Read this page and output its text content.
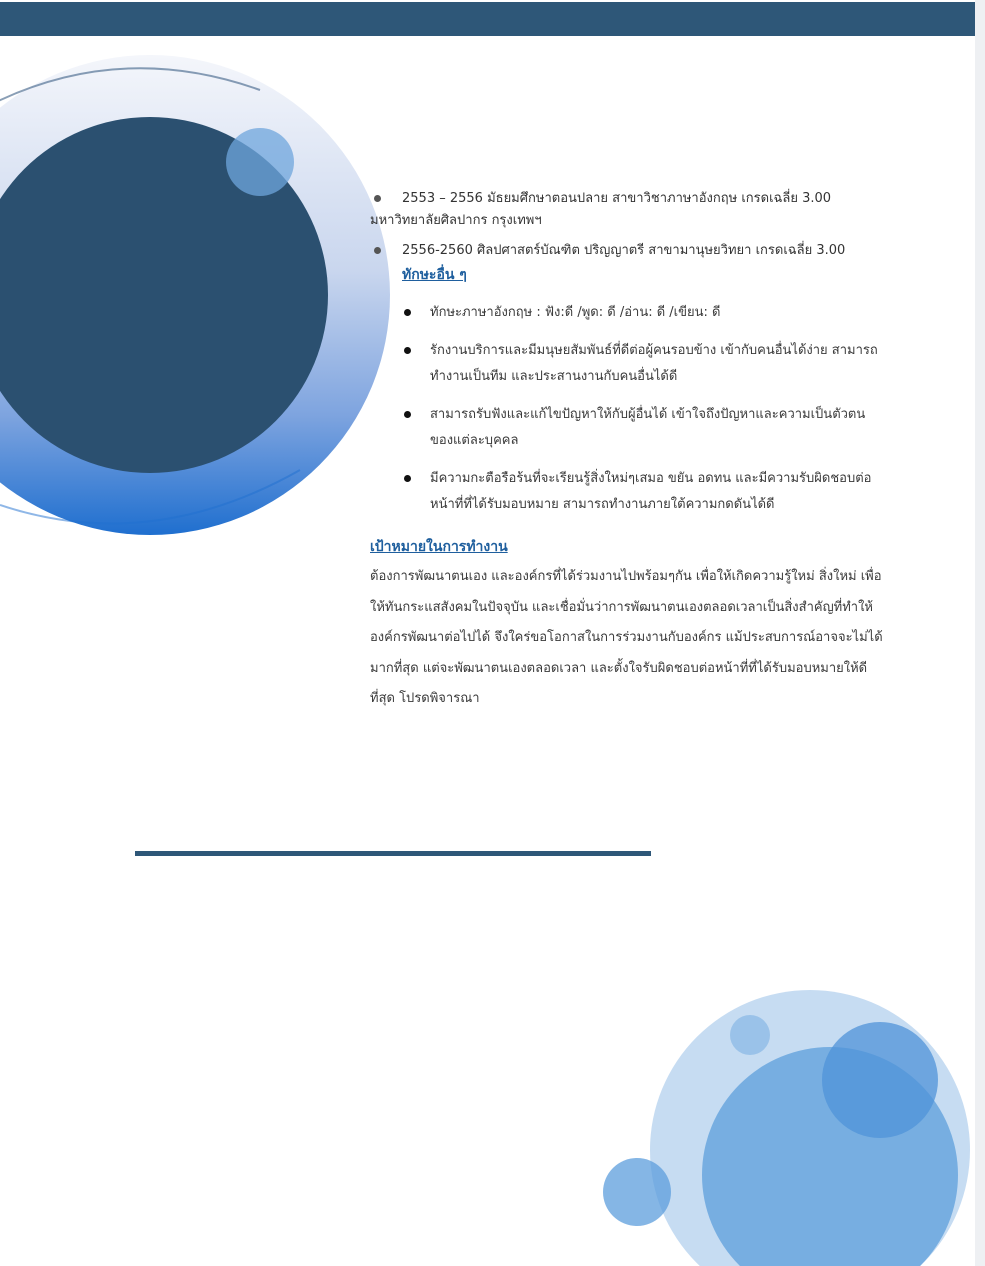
2553 – 2556 มัธยมศึกษาตอนปลาย สาขาวิชาภาษาอังกฤษ เกรดเฉลี่ย 3.00
มหาวิทยาลัยศิลปากร กรุงเทพฯ
2556-2560 ศิลปศาสตร์บัณฑิต ปริญญาตรี สาขามานุษยวิทยา เกรดเฉลี่ย 3.00
ทักษะอื่น ๆ
ทักษะภาษาอังกฤษ : ฟัง:ดี /พูด: ดี /อ่าน: ดี /เขียน: ดี
รักงานบริการและมีมนุษยสัมพันธ์ที่ดีต่อผู้คนรอบข้าง เข้ากับคนอื่นได้ง่าย สามารถทำงานเป็นทีม และประสานงานกับคนอื่นได้ดี
สามารถรับฟังและแก้ไขปัญหาให้กับผู้อื่นได้ เข้าใจถึงปัญหาและความเป็นตัวตนของแต่ละบุคคล
มีความกะตือรือร้นที่จะเรียนรู้สิ่งใหม่ๆเสมอ ขยัน อดทน และมีความรับผิดชอบต่อหน้าที่ที่ได้รับมอบหมาย สามารถทำงานภายใต้ความกดดันได้ดี
เป้าหมายในการทำงาน
ต้องการพัฒนาตนเอง และองค์กรที่ได้ร่วมงานไปพร้อมๆกัน เพื่อให้เกิดความรู้ใหม่ สิ่งใหม่ เพื่อให้ทันกระแสสังคมในปัจจุบัน และเชื่อมั่นว่าการพัฒนาตนเองตลอดเวลาเป็นสิ่งสำคัญที่ทำให้องค์กรพัฒนาต่อไปได้ จึงใคร่ขอโอกาสในการร่วมงานกับองค์กร แม้ประสบการณ์อาจจะไม่ได้มากที่สุด แต่จะพัฒนาตนเองตลอดเวลา และตั้งใจรับผิดชอบต่อหน้าที่ที่ได้รับมอบหมายให้ดีที่สุด โปรดพิจารณา
